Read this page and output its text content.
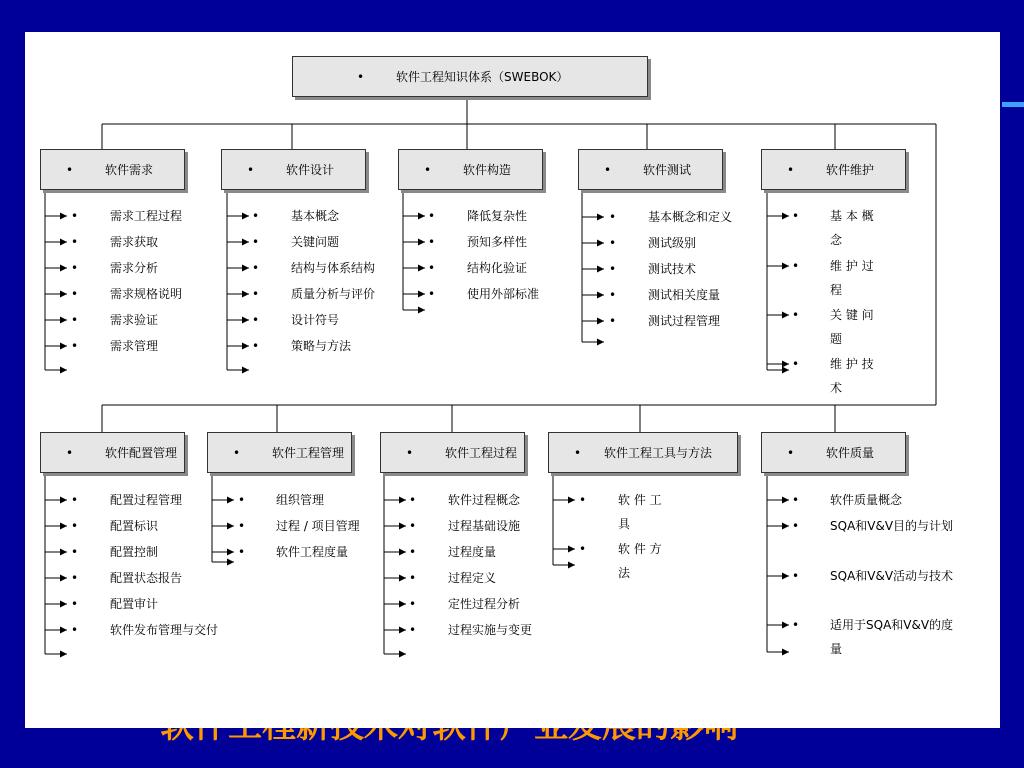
•	软件工程知识体系（SWEBOK）
•	软件需求
•	需求工程过程
•	需求获取
•	需求分析
•	需求规格说明
•	需求验证
•	需求管理
•	软件设计
•	基本概念
•	关键问题
•	结构与体系结构
•	质量分析与评价
•	设计符号
•	策略与方法
•	软件构造
•	降低复杂性
•	预知多样性
•	结构化验证
•	使用外部标准
•	软件测试
•	基本概念和定义
•	测试级别
•	测试技术
•	测试相关度量
•	测试过程管理
•	软件维护
•	基 本 概 念
•	维 护 过 程
•	关 键 问 题
•	维 护 技 术
•	软件配置管理
•	配置过程管理
•	配置标识
•	配置控制
•	配置状态报告
•	配置审计
•	软件发布管理与交付
•	软件工程管理
•	组织管理
•	过程 / 项目管理
•	软件工程度量
•	软件工程过程
•	软件过程概念
•	过程基础设施
•	过程度量
•	过程定义
•	定性过程分析
•	过程实施与变更
• 软件工程工具与方法
•	软 件 工 具
•	软 件 方 法
•	软件质量
•	软件质量概念
•	SQA和V&V目的与计划
•	SQA和V&V活动与技术
•	适用于SQA和V&V的度量
